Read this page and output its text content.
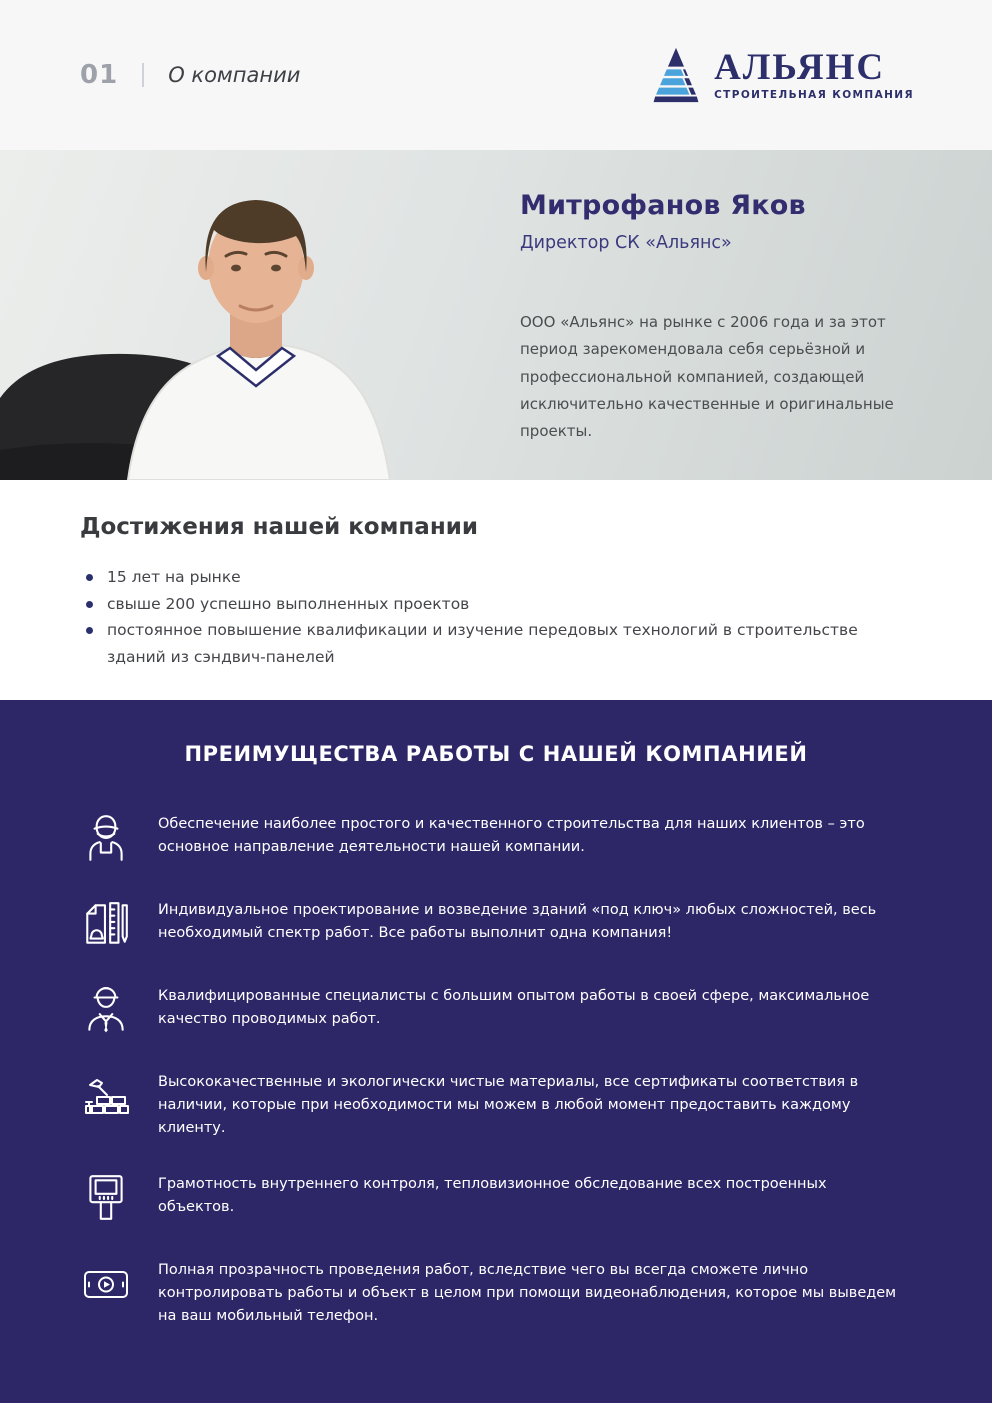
01 О компании	АЛЬЯНС
СТРОИТЕЛЬНАЯ КОМПАНИЯ
Митрофанов Яков
Директор СК «Альянс»

ООО «Альянс» на рынке с 2006 года и за этот период зарекомендовала себя серьёзной и профессиональной компанией, создающей исключительно качественные и оригинальные проекты.

Достижения нашей компании
15 лет на рынке
свыше 200 успешно выполненных проектов
постоянное повышение квалификации и изучение передовых технологий в строительстве зданий из сэндвич-панелей
ПРЕИМУЩЕСТВА РАБОТЫ С НАШЕЙ КОМПАНИЕЙ

Обеспечение наиболее простого и качественного строительства для наших клиентов – это основное направление деятельности нашей компании.

Индивидуальное проектирование и возведение зданий «под ключ» любых сложностей, весь необходимый спектр работ. Все работы выполнит одна компания!

Квалифицированные специалисты с большим опытом работы в своей сфере, максимальное качество проводимых работ.

Высококачественные и экологически чистые материалы, все сертификаты соответствия в наличии, которые при необходимости мы можем в любой момент предоставить каждому клиенту.

Грамотность внутреннего контроля, тепловизионное обследование всех построенных объектов.

Полная прозрачность проведения работ, вследствие чего вы всегда сможете лично контролировать работы и объект в целом при помощи видеонаблюдения, которое мы выведем на ваш мобильный телефон.
